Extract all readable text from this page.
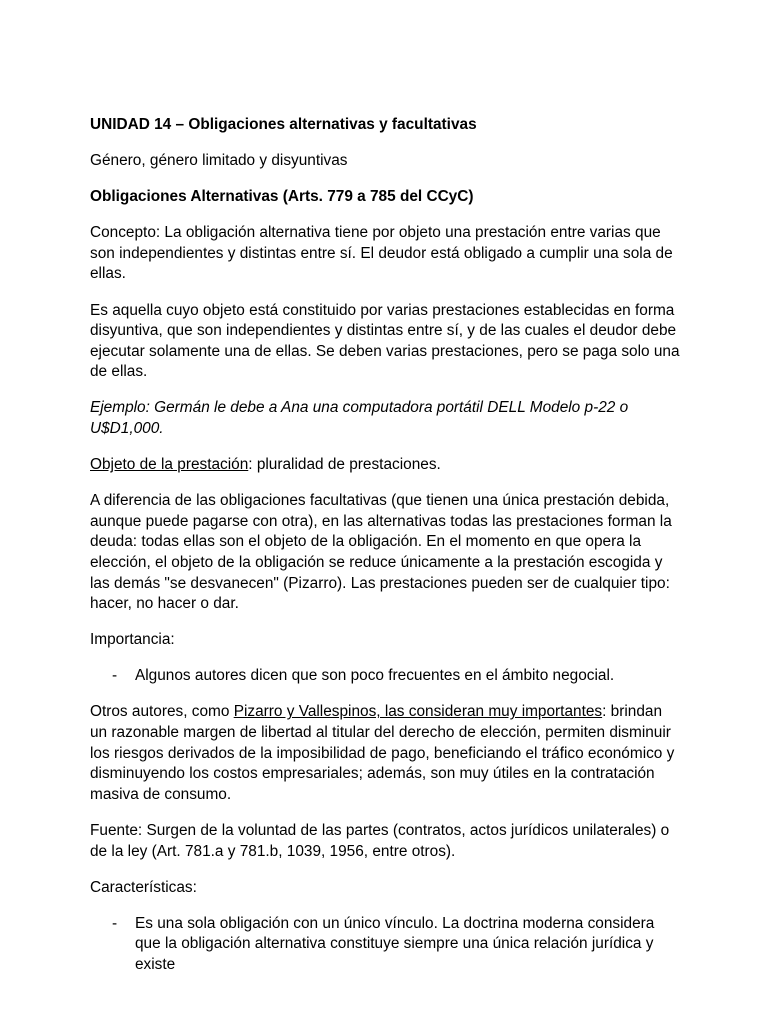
UNIDAD 14 – Obligaciones alternativas y facultativas

Género, género limitado y disyuntivas

Obligaciones Alternativas (Arts. 779 a 785 del CCyC)

Concepto: La obligación alternativa tiene por objeto una prestación entre varias que son independientes y distintas entre sí. El deudor está obligado a cumplir una sola de ellas.

Es aquella cuyo objeto está constituido por varias prestaciones establecidas en forma disyuntiva, que son independientes y distintas entre sí, y de las cuales el deudor debe ejecutar solamente una de ellas. Se deben varias prestaciones, pero se paga solo una de ellas.

Ejemplo: Germán le debe a Ana una computadora portátil DELL Modelo p-22 o U$D1,000.

Objeto de la prestación: pluralidad de prestaciones.

A diferencia de las obligaciones facultativas (que tienen una única prestación debida, aunque puede pagarse con otra), en las alternativas todas las prestaciones forman la deuda: todas ellas son el objeto de la obligación. En el momento en que opera la elección, el objeto de la obligación se reduce únicamente a la prestación escogida y las demás "se desvanecen" (Pizarro). Las prestaciones pueden ser de cualquier tipo: hacer, no hacer o dar.

Importancia:

- Algunos autores dicen que son poco frecuentes en el ámbito negocial.

Otros autores, como Pizarro y Vallespinos, las consideran muy importantes: brindan un razonable margen de libertad al titular del derecho de elección, permiten disminuir los riesgos derivados de la imposibilidad de pago, beneficiando el tráfico económico y disminuyendo los costos empresariales; además, son muy útiles en la contratación masiva de consumo.

Fuente: Surgen de la voluntad de las partes (contratos, actos jurídicos unilaterales) o de la ley (Art. 781.a y 781.b, 1039, 1956, entre otros).

Características:

- Es una sola obligación con un único vínculo. La doctrina moderna considera que la obligación alternativa constituye siempre una única relación jurídica y existe
